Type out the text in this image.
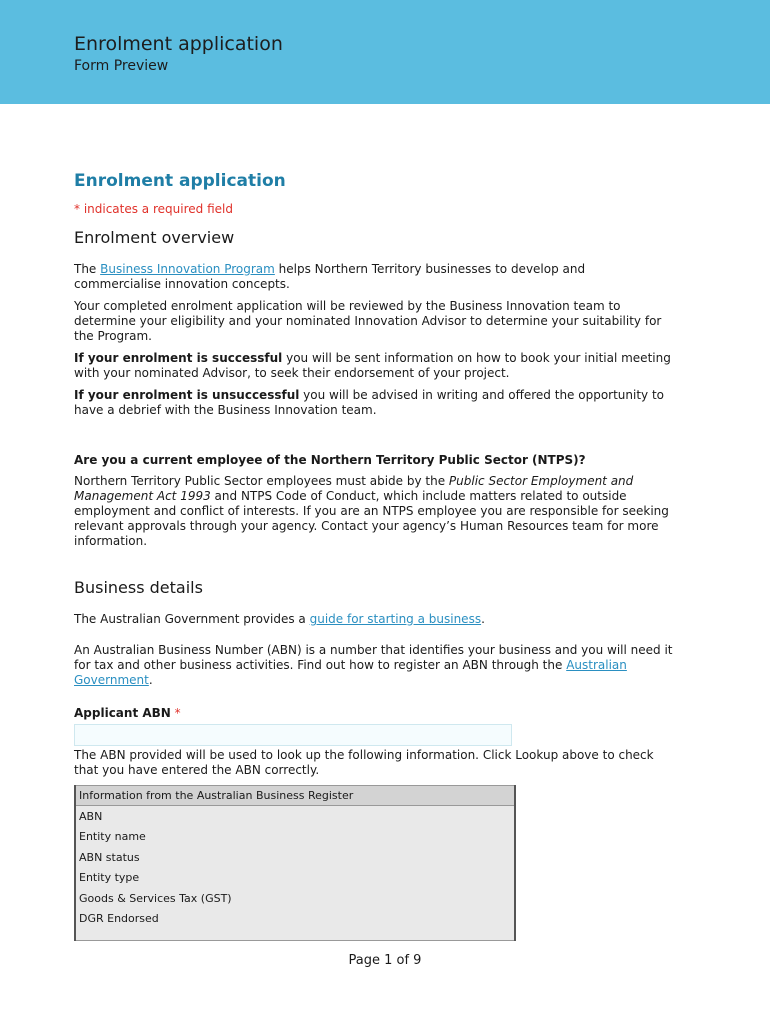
Enrolment application
Form Preview
Enrolment application

* indicates a required field

Enrolment overview

The Business Innovation Program helps Northern Territory businesses to develop and commercialise innovation concepts.

Your completed enrolment application will be reviewed by the Business Innovation team to determine your eligibility and your nominated Innovation Advisor to determine your suitability for the Program.

If your enrolment is successful you will be sent information on how to book your initial meeting with your nominated Advisor, to seek their endorsement of your project.

If your enrolment is unsuccessful you will be advised in writing and offered the opportunity to have a debrief with the Business Innovation team.

Are you a current employee of the Northern Territory Public Sector (NTPS)?

Northern Territory Public Sector employees must abide by the Public Sector Employment and Management Act 1993 and NTPS Code of Conduct, which include matters related to outside employment and conflict of interests. If you are an NTPS employee you are responsible for seeking relevant approvals through your agency. Contact your agency’s Human Resources team for more information.

Business details

The Australian Government provides a guide for starting a business.

An Australian Business Number (ABN) is a number that identifies your business and you will need it for tax and other business activities. Find out how to register an ABN through the Australian Government.

Applicant ABN *

The ABN provided will be used to look up the following information. Click Lookup above to check that you have entered the ABN correctly.

Information from the Australian Business Register
ABN
Entity name
ABN status
Entity type
Goods & Services Tax (GST)
DGR Endorsed

Page 1 of 9
